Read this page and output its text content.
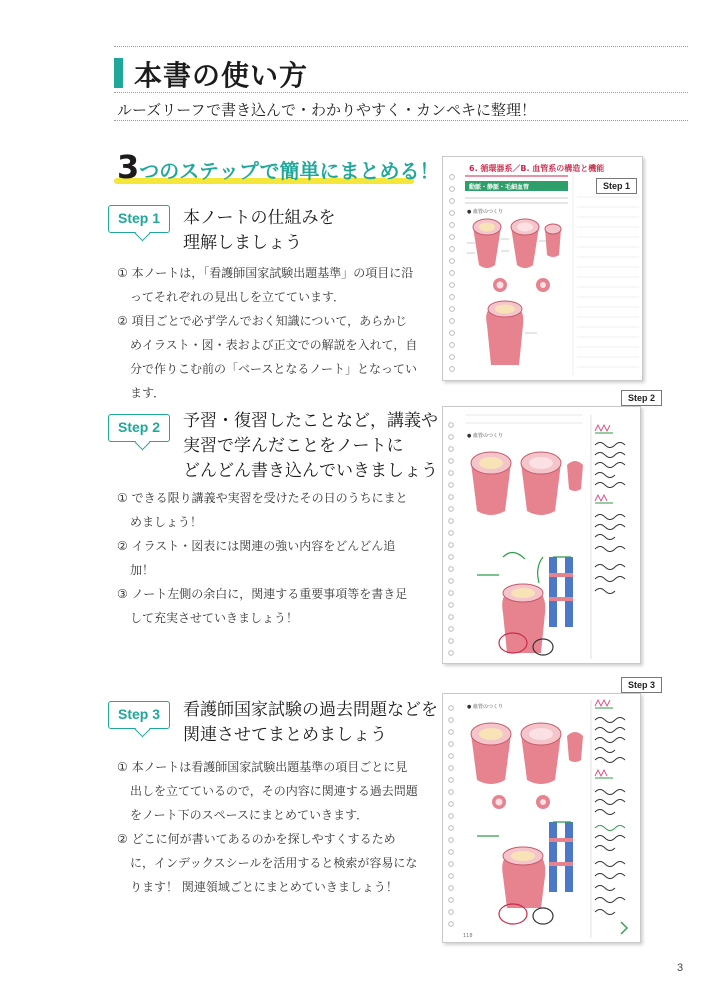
本書の使い方
ルーズリーフで書き込んで・わかりやすく・カンペキに整理！
3つのステップで簡単にまとめる！
Step 1	本ノートの仕組みを
理解しましょう
① 本ノートは，「看護師国家試験出題基準」の項目に沿ってそれぞれの見出しを立てています．
② 項目ごとで必ず学んでおく知識について，あらかじめイラスト・図・表および正文での解説を入れて，自分で作りこむ前の「ベースとなるノート」となっています．
Step 2	予習・復習したことなど，講義や
実習で学んだことをノートに
どんどん書き込んでいきましょう
① できる限り講義や実習を受けたその日のうちにまとめましょう！
② イラスト・図表には関連の強い内容をどんどん追加！
③ ノート左側の余白に，関連する重要事項等を書き足して充実させていきましょう！
Step 3	看護師国家試験の過去問題などを
関連させてまとめましょう
① 本ノートは看護師国家試験出題基準の項目ごとに見出しを立てているので，その内容に関連する過去問題をノート下のスペースにまとめていきます．
② どこに何が書いてあるのかを探しやすくするために，インデックスシールを活用すると検索が容易になります！ 関連領域ごとにまとめていきましょう！
6. 循環器系／B. 血管系の構造と機能
動脈・静脈・毛細血管
● 血管のつくり
Step 1
● 血管のつくり
Step 2
● 血管のつくり
118
Step 3
3
